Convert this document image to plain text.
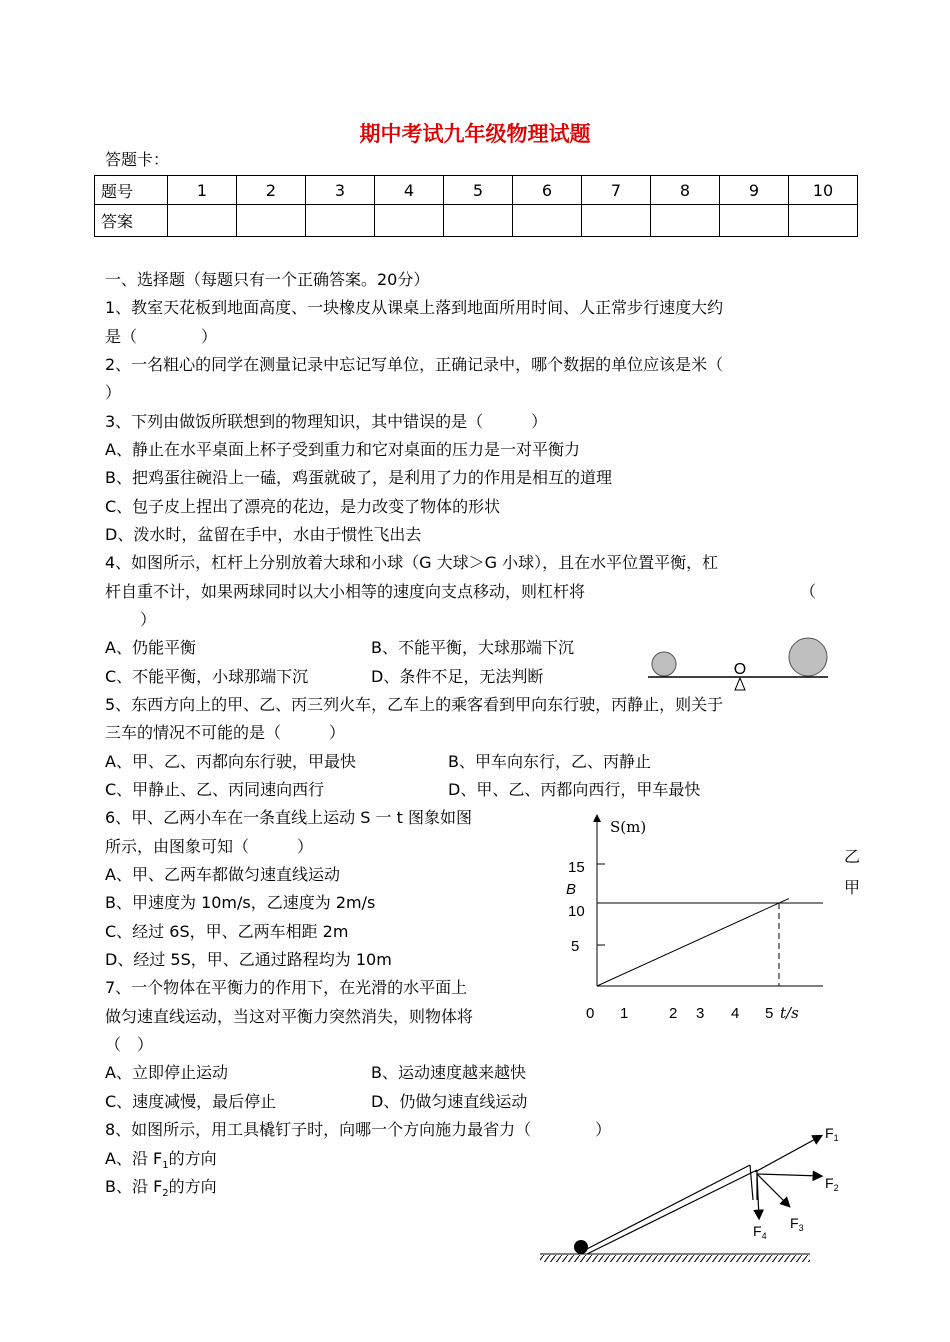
期中考试九年级物理试题
答题卡：
题号	1	2	3	4	5	6	7	8	9	10
答案										
一、选择题（每题只有一个正确答案。20分）
1、教室天花板到地面高度、一块橡皮从课桌上落到地面所用时间、人正常步行速度大约
是（　　　　）
2、一名粗心的同学在测量记录中忘记写单位，正确记录中，哪个数据的单位应该是米（
）
3、下列由做饭所联想到的物理知识，其中错误的是（　　　）
A、静止在水平桌面上杯子受到重力和它对桌面的压力是一对平衡力
B、把鸡蛋往碗沿上一磕，鸡蛋就破了，是利用了力的作用是相互的道理
C、包子皮上捏出了漂亮的花边，是力改变了物体的形状
D、泼水时，盆留在手中，水由于惯性飞出去
4、如图所示，杠杆上分别放着大球和小球（G 大球＞G 小球），且在水平位置平衡，杠
杆自重不计，如果两球同时以大小相等的速度向支点移动，则杠杆将	（
）
A、仍能平衡	B、不能平衡，大球那端下沉
C、不能平衡，小球那端下沉	D、条件不足，无法判断	O
5、东西方向上的甲、乙、丙三列火车，乙车上的乘客看到甲向东行驶，丙静止，则关于
三车的情况不可能的是（　　　）
A、甲、乙、丙都向东行驶，甲最快	B、甲车向东行，乙、丙静止
C、甲静止、乙、丙同速向西行	D、甲、乙、丙都向西行，甲车最快
6、甲、乙两小车在一条直线上运动 S 一 t 图象如图
所示，由图象可知（　　　）
A、甲、乙两车都做匀速直线运动
B、甲速度为 10m/s，乙速度为 2m/s
C、经过 6S，甲、乙两车相距 2m
D、经过 5S，甲、乙通过路程均为 10m
7、一个物体在平衡力的作用下，在光滑的水平面上
做匀速直线运动，当这对平衡力突然消失，则物体将
（　）
A、立即停止运动	B、运动速度越来越快
C、速度减慢，最后停止	D、仍做匀速直线运动
8、如图所示，用工具橇钉子时，向哪一个方向施力最省力（　　　　）
A、沿 $F_1$的方向
B、沿 $F_2$的方向
S(m)
t/s
15
10
5
B
0 1	2 3 4 5
乙
甲
$F_1$
$F_2$
$F_3$
$F_4$
